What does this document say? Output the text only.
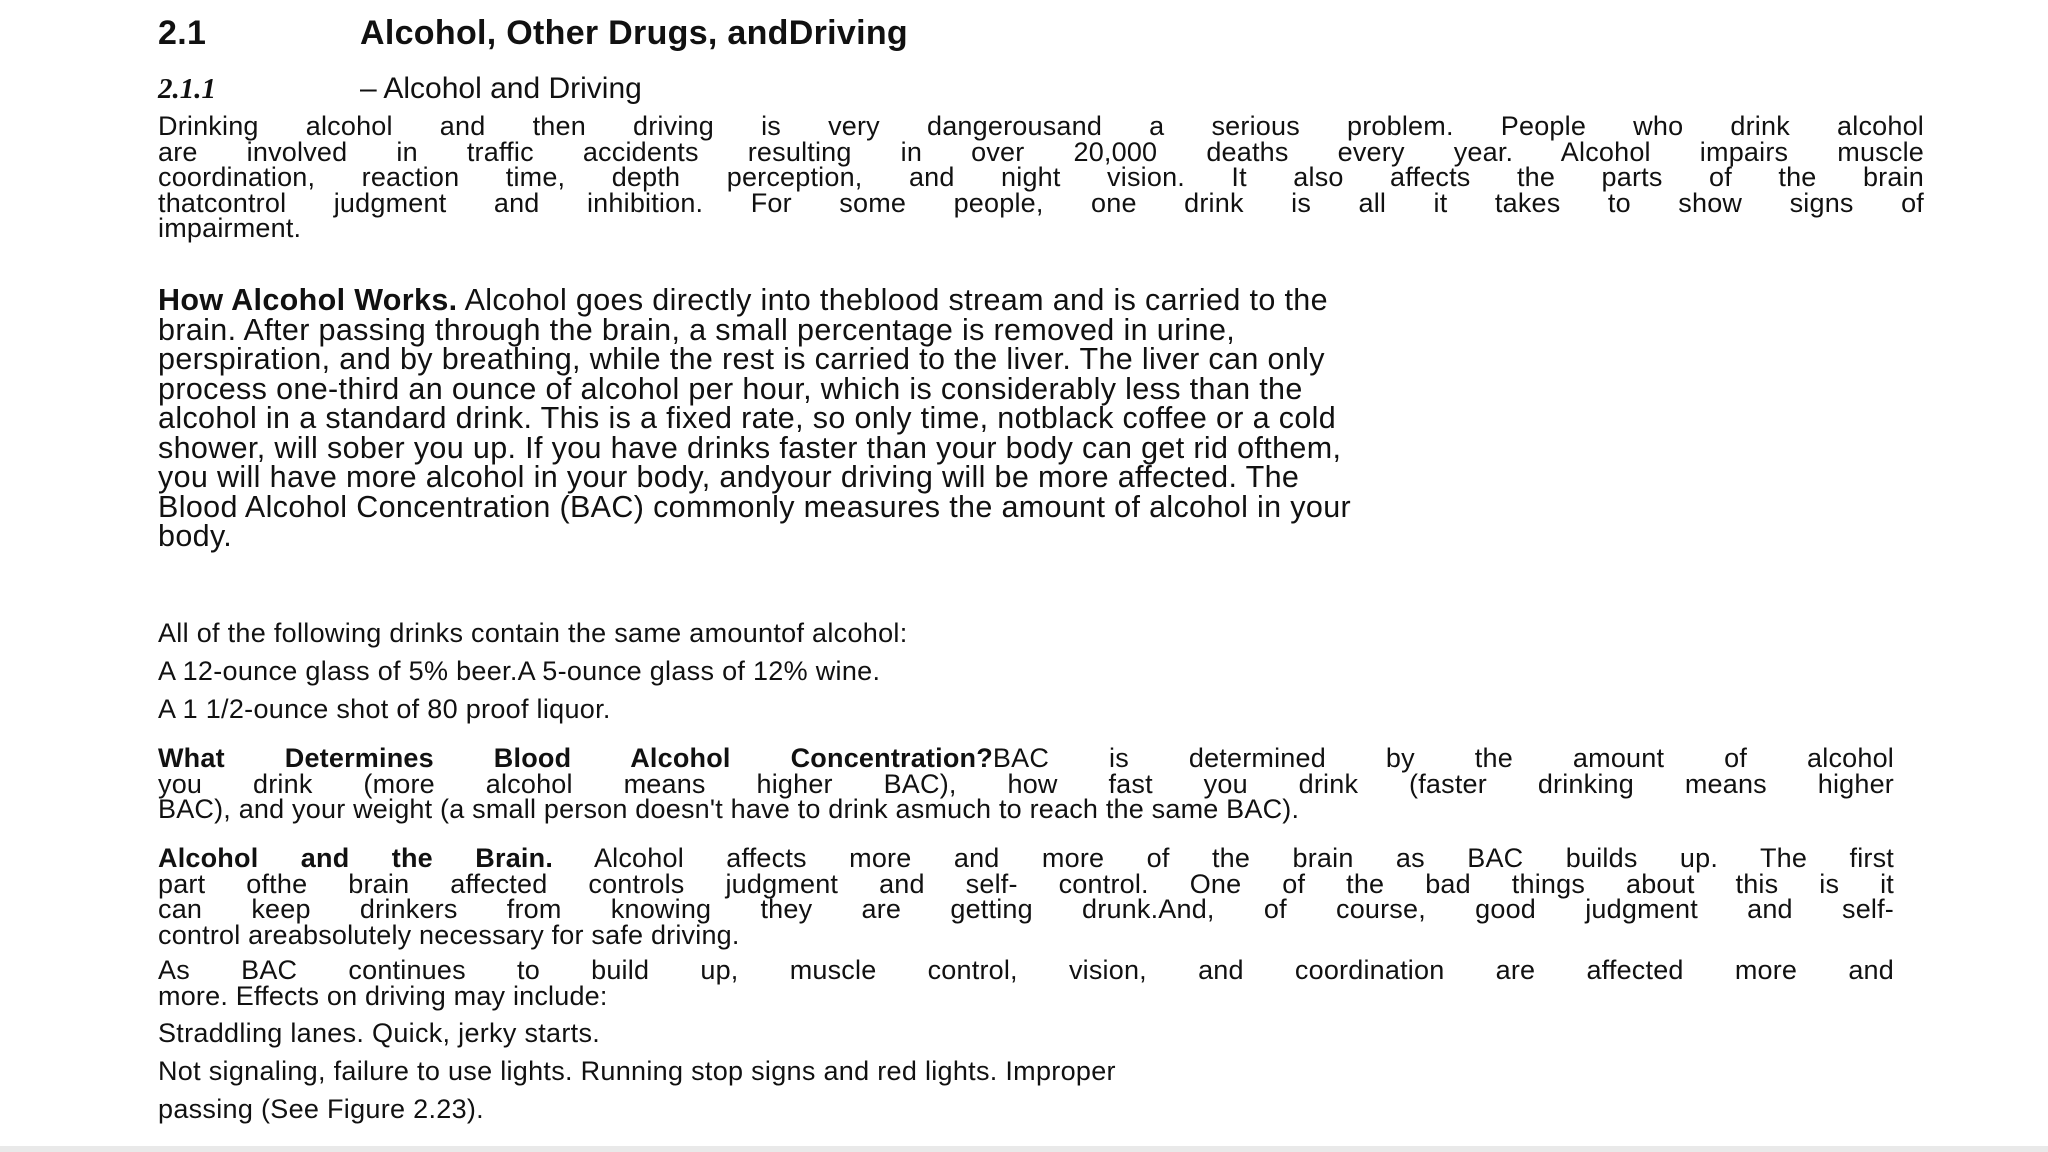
2.1	Alcohol, Other Drugs, andDriving
2.1.1	– Alcohol and Driving
Drinking alcohol and then driving is very dangerousand a serious problem. People who drink alcohol
are involved in traffic accidents resulting in over 20,000 deaths every year. Alcohol impairs muscle
coordination, reaction time, depth perception, and night vision. It also affects the parts of the brain
thatcontrol judgment and inhibition. For some people, one drink is all it takes to show signs of
impairment.
How Alcohol Works. Alcohol goes directly into theblood stream and is carried to the
brain. After passing through the brain, a small percentage is removed in urine,
perspiration, and by breathing, while the rest is carried to the liver. The liver can only
process one-third an ounce of alcohol per hour, which is considerably less than the
alcohol in a standard drink. This is a fixed rate, so only time, notblack coffee or a cold
shower, will sober you up. If you have drinks faster than your body can get rid ofthem,
you will have more alcohol in your body, andyour driving will be more affected. The
Blood Alcohol Concentration (BAC) commonly measures the amount of alcohol in your
body.
All of the following drinks contain the same amountof alcohol:
A 12-ounce glass of 5% beer.A 5-ounce glass of 12% wine.
A 1 1/2-ounce shot of 80 proof liquor.
What Determines Blood Alcohol Concentration?BAC is determined by the amount of alcohol
you drink (more alcohol means higher BAC), how fast you drink (faster drinking means higher
BAC), and your weight (a small person doesn't have to drink asmuch to reach the same BAC).
Alcohol and the Brain. Alcohol affects more and more of the brain as BAC builds up. The first
part ofthe brain affected controls judgment and self- control. One of the bad things about this is it
can keep drinkers from knowing they are getting drunk.And, of course, good judgment and self-
control areabsolutely necessary for safe driving.
As BAC continues to build up, muscle control, vision, and coordination are affected more and
more. Effects on driving may include:
Straddling lanes. Quick, jerky starts.
Not signaling, failure to use lights. Running stop signs and red lights. Improper
passing (See Figure 2.23).
